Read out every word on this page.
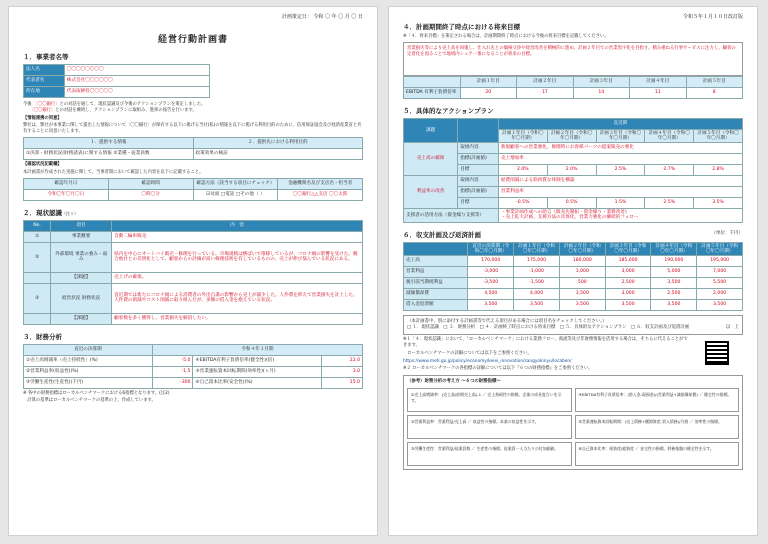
計画策定日： 令和 〇 年 〇 月 〇 日
経営行動計画書
１．事業者名等
法人名	〇〇〇〇〇〇〇〇
代表者名	株式会社〇〇〇〇〇〇
所在地	代表取締役〇〇〇〇〇
今後　 〔〇〇銀行〕との対話を通して、現状認識及び今後のアクションプランを策定しました。
　　〔〇〇銀行〕との対話を継続し、アクションプランに取組み、進捗の報告を行います。
【情報連携の同意】
弊社は、弊社が本事業に関して提出した情報について〔〇〇銀行〕が保有する以下に掲げる当社(私)の情報を以下に掲げる利用目的のために、信用保証協会及び経済産業省と共有することに同意いたします。
１．提供する情報	２．提供先における利用目的
①決算・財務状況(財務諸表)に関する情報 ②業種・従業員数	政策効果の検証
【確認状況記載欄】
本計画書が作成された実施に関して，当事者間において確認した内容を以下に記載すること。
確認年月日	確認時間	確認方法（該当する項目にチェック）	金融機関名及び支店名・担当者
令和〇年〇月〇日	〇時〇分	☑対面 □電話 □その他（ ）	〇〇銀行△△支店 〇〇太郎
２．現状認識（注１）
No.	項目	内　容
①	事業概要	自動二輪車販売
②	外部環境 事業の強み・弱み	県内を中心にオートバイ販売・修理を行っている。市場規模は横ばいで推移しているが、コロナ禍の影響を受けた。競合他社との差別化として、顧客からの評価が高い修理技術を有しているものの、売上が伸び悩んでいる状況にある。
	【課題】	売上げの確保。
③	経営状況 財務状況	直近期では新たにコロナ禍による消費者の外出自粛の影響から売上が減少した。人件費を抑えて営業損失を計上した。人件費の削減やコスト削減に取り組んだが、多額の借入金を抱えている状況。
	【課題】	顧客数を多く獲得し、営業損失を解消したい。
３．財務分析
直近の決算期	令和４年３月期		
①売上高増減率（売上持続性）(%)	-5.0	④EBITDA有利子負債倍率(健全性)(倍)	22.0
②営業利益率(収益性)(%)	-1.5	⑤営業運転資本回転期間(効率性)(ヶ月)	3.0
③労働生産性(生産性)(千円)	-300	⑥自己資本比率(安全性)(%)	15.0
※ 各中の財務指標はローカルベンチマークにおける6指標となります。(注2)
　計算の基準はローカルベンチマークの基準の上、作成しています。
令和５年１月１０日改訂版
４．計画期間終了時点における将来目標
※「４．将来目標」を策定される場合は、計画期間終了時点における今後の将来目標を記載してください。
営業損失等により売上高を回復し、仕入れ先との価格交渉や経営改善を積極的に進め、計画２年目での営業黒字化を目指す。積み重ねる行事サービスに注力し、顧客の定着化を図ることで地域内シェア一番になることが将来の目標。
	計画１年目	計画２年目	計画３年目	計画４年目	計画５年目
EBITDA 有利子負債倍率	20	17	14	11	8
５．具体的なアクションプラン
課題		直近期				
		計画１年目（令和〇年〇月期）	計画２年目（令和〇年〇月期）	計画３年目（令和〇年〇月期）	計画４年目（令和〇年〇月期）	計画５年目（令和〇年〇月期）
売上高の確保	取組内容	新規顧客への営業強化、修理時にお客様パーツの提案販売の強化				
	指標(計画値)	売上増加率				
	目標	2.0%	2.0%	2.5%	2.7%	2.8%
利益率の改善	取組内容	経費削減による筋肉質な体制を構築				
	指標(計画値)	営業利益率				
	目標	-0.5%	0.5%	1.5%	2.5%	3.5%
支援者の活用方法（資金繰り支援等）		・事業計画作成への助言（販売先開拓・資金繰り・業務改善)
・売上拡大計画、支援方法の具体化、営業力強化の継続的フォロー				
６．収支計画及び返済計画	（単位：千円）
	直近の決算期（令和〇年〇月期）	計画１年目（令和〇年〇月期）	計画２年目（令和〇年〇月期）	計画３年目（令和〇年〇月期）	計画４年目（令和〇年〇月期）	計画５年目（令和〇年〇月期）
売上高	170,000	175,000	180,000	185,000	190,000	195,000
営業利益	-3,000	-1,000	1,000	3,000	5,000	7,000
税引前当期純利益	-3,500	-1,500	500	2,500	3,500	5,500
減価償却費	4,500	4,000	3,500	3,000	2,500	2,000
借入金返済額	3,500	3,500	3,500	3,500	3,500	3,500
（本計画書中、別に添付する計画書等で代える項目がある場合には項目名をチェックしてください。）
□ １．現状認識　□ ３．財務分析　□ ４．計画終了時点における将来目標　□ ５．具体的なアクションプラン　□ ６．収支計画及び返済計画	以　上
※１「４．現状認識」において、「ローカルベンチマーク」における業務フロー、商流等及び非財務情報を活用する場合は、そちらに代えることができます。
　ローカルベンチマークの詳細については以下をご参照ください。
https://www.meti.go.jp/policy/economy/keiei_innovation/sangyokinyu/locaben/
※２ ローカルベンチマークの各指標の詳細については以下『６つの財務指標』をご参照ください。
（参考）財務分析の考え方 ～６つの財務指標～
①売上高増減率：(売上高/前期売上高)-1 ／ 売上持続性の指標。企業の成長度合いを示す。
④EBITDA有利子負債倍率：(借入金-現預金)/(営業利益+減価償却費) ／ 健全性の指標。
②営業利益率：営業利益/売上高 ／ 収益性の指標。本業の収益性を示す。	⑤営業運転資本回転期間：(売上債権+棚卸資産-買入債務)/月商 ／ 効率性の指標。
③労働生産性：営業利益/従業員数 ／ 生産性の指標。従業員一人当たりの付加価値。	⑥自己資本比率：純資産/総資産 ／ 安全性の指標。財務基盤の健全性を示す。
